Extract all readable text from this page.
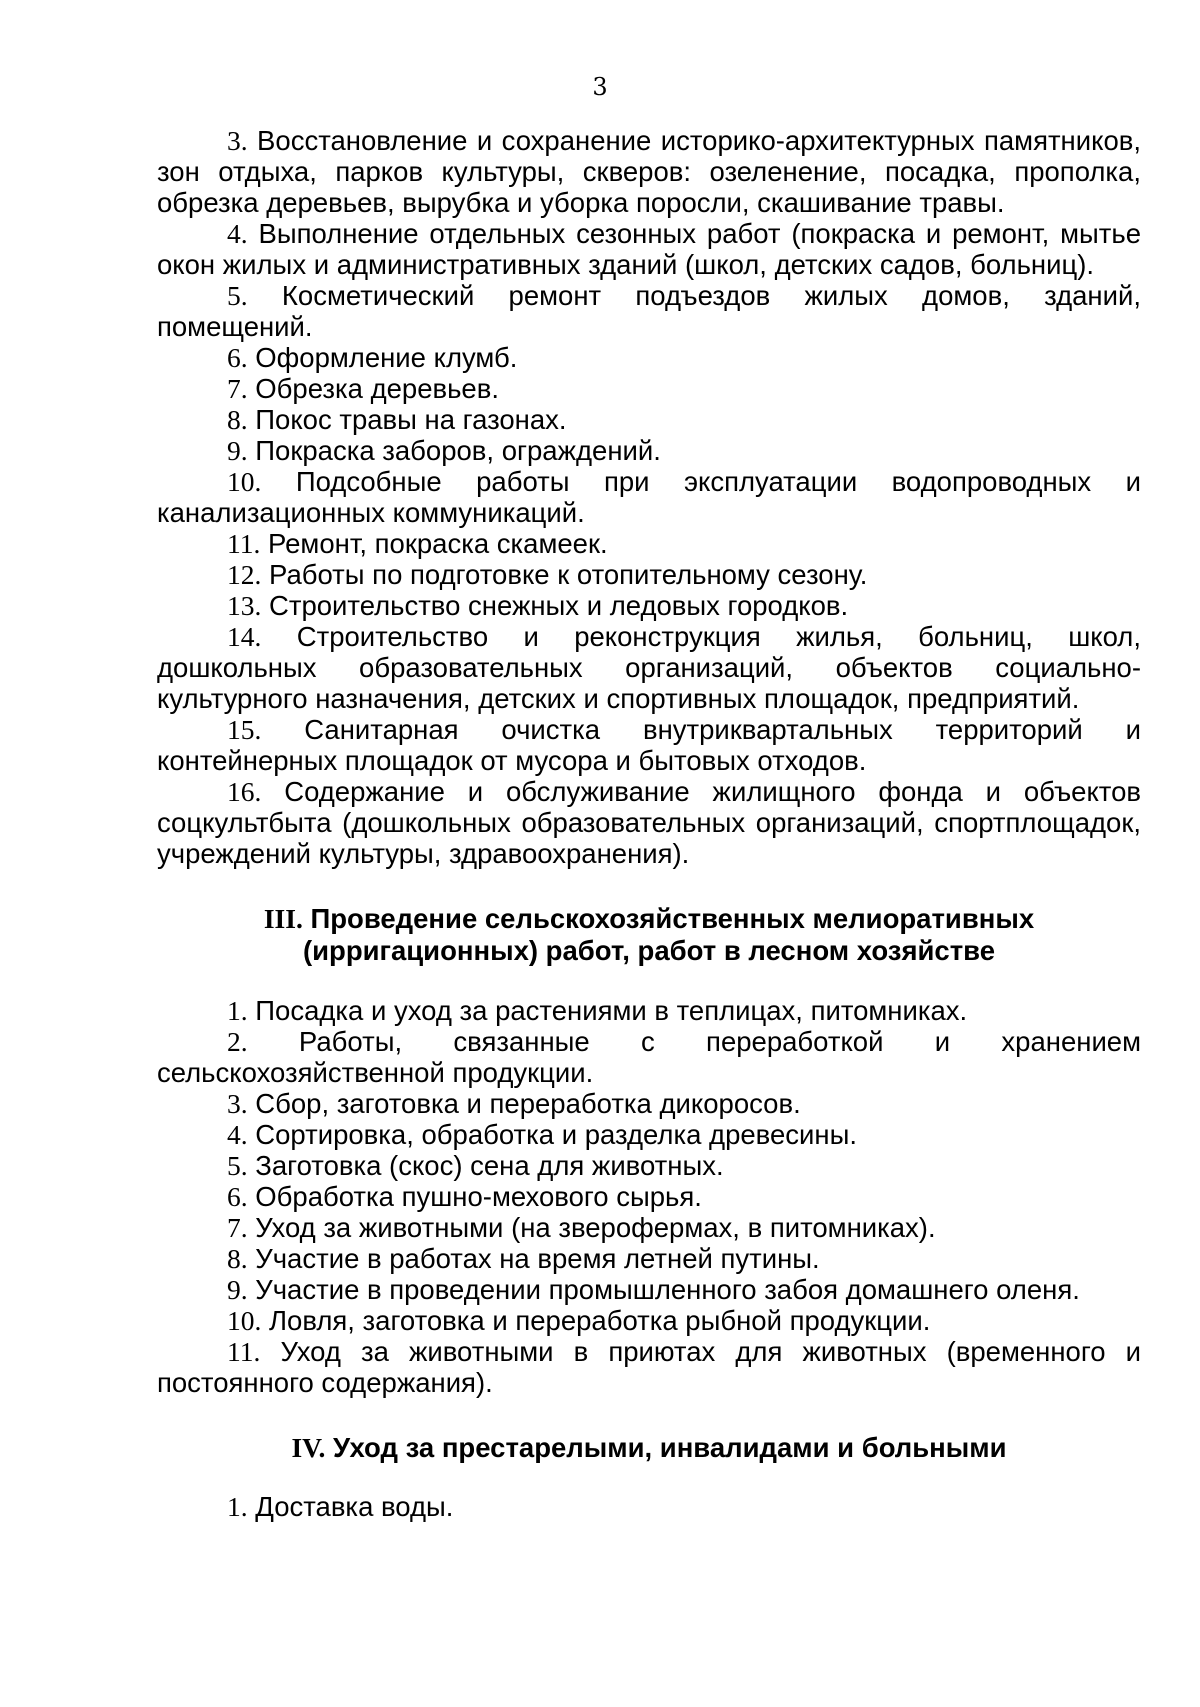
3

3. Восстановление и сохранение историко-архитектурных памятников, зон отдыха, парков культуры, скверов: озеленение, посадка, прополка, обрезка деревьев, вырубка и уборка поросли, скашивание травы.

4. Выполнение отдельных сезонных работ (покраска и ремонт, мытье окон жилых и административных зданий (школ, детских садов, больниц).

5. Косметический ремонт подъездов жилых домов, зданий, помещений.

6. Оформление клумб.

7. Обрезка деревьев.

8. Покос травы на газонах.

9. Покраска заборов, ограждений.

10. Подсобные работы при эксплуатации водопроводных и канализационных коммуникаций.

11. Ремонт, покраска скамеек.

12. Работы по подготовке к отопительному сезону.

13. Строительство снежных и ледовых городков.

14. Строительство и реконструкция жилья, больниц, школ, дошкольных образовательных организаций, объектов социально-культурного назначения, детских и спортивных площадок, предприятий.

15. Санитарная очистка внутриквартальных территорий и контейнерных площадок от мусора и бытовых отходов.

16. Содержание и обслуживание жилищного фонда и объектов соцкультбыта (дошкольных образовательных организаций, спортплощадок, учреждений культуры, здравоохранения).

III. Проведение сельскохозяйственных мелиоративных
(ирригационных) работ, работ в лесном хозяйстве

1. Посадка и уход за растениями в теплицах, питомниках.

2. Работы, связанные с переработкой и хранением сельскохозяйственной продукции.

3. Сбор, заготовка и переработка дикоросов.

4. Сортировка, обработка и разделка древесины.

5. Заготовка (скос) сена для животных.

6. Обработка пушно-мехового сырья.

7. Уход за животными (на зверофермах, в питомниках).

8. Участие в работах на время летней путины.

9. Участие в проведении промышленного забоя домашнего оленя.

10. Ловля, заготовка и переработка рыбной продукции.

11. Уход за животными в приютах для животных (временного и постоянного содержания).

IV. Уход за престарелыми, инвалидами и больными

1. Доставка воды.
